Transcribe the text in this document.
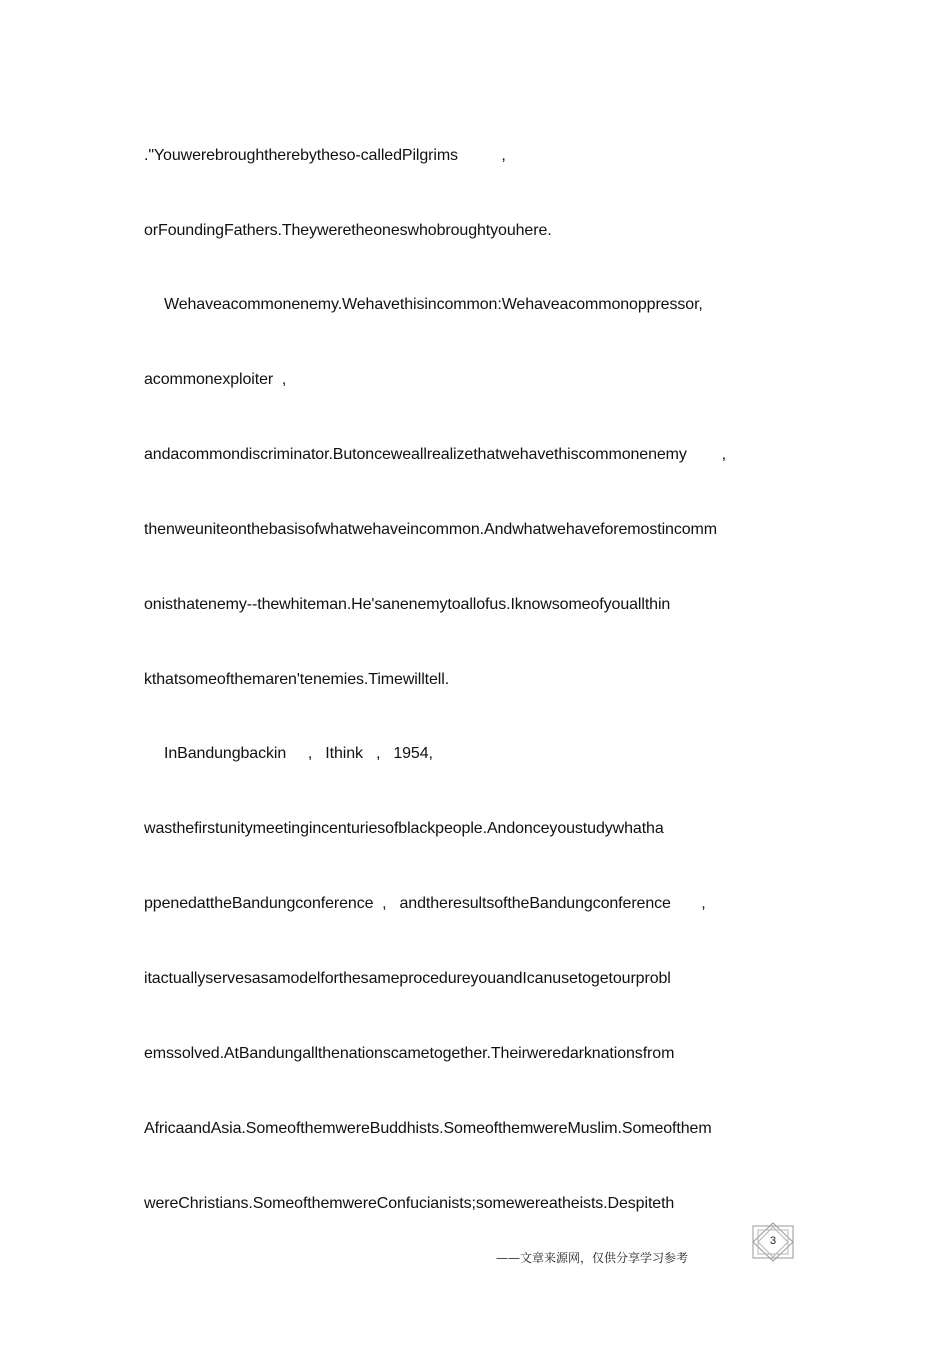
."Youwerebroughtherebytheso-calledPilgrims          ,
orFoundingFathers.Theyweretheoneswhobroughtyouhere.
Wehaveacommonenemy.Wehavethisincommon:Wehaveacommonoppressor,
acommonexploiter  ,
andacommondiscriminator.Butonceweallrealizethatwehavethiscommonenemy        ,
thenweuniteonthebasisofwhatwehaveincommon.Andwhatwehaveforemostincomm
onisthatenemy--thewhiteman.He'sanenemytoallofus.Iknowsomeofyouallthin
kthatsomeofthemaren'tenemies.Timewilltell.
InBandungbackin     ,   Ithink   ,   1954,
wasthefirstunitymeetingincenturiesofblackpeople.Andonceyoustudywhatha
ppenedattheBandungconference  ,   andtheresultsoftheBandungconference       ,
itactuallyservesasamodelforthesameprocedureyouandIcanusetogetourprobl
emssolved.AtBandungallthenationscametogether.Theirweredarknationsfrom
AfricaandAsia.SomeofthemwereBuddhists.SomeofthemwereMuslim.Someofthem
wereChristians.SomeofthemwereConfucianists;somewereatheists.Despiteth
——文章来源网，仅供分享学习参考
3
